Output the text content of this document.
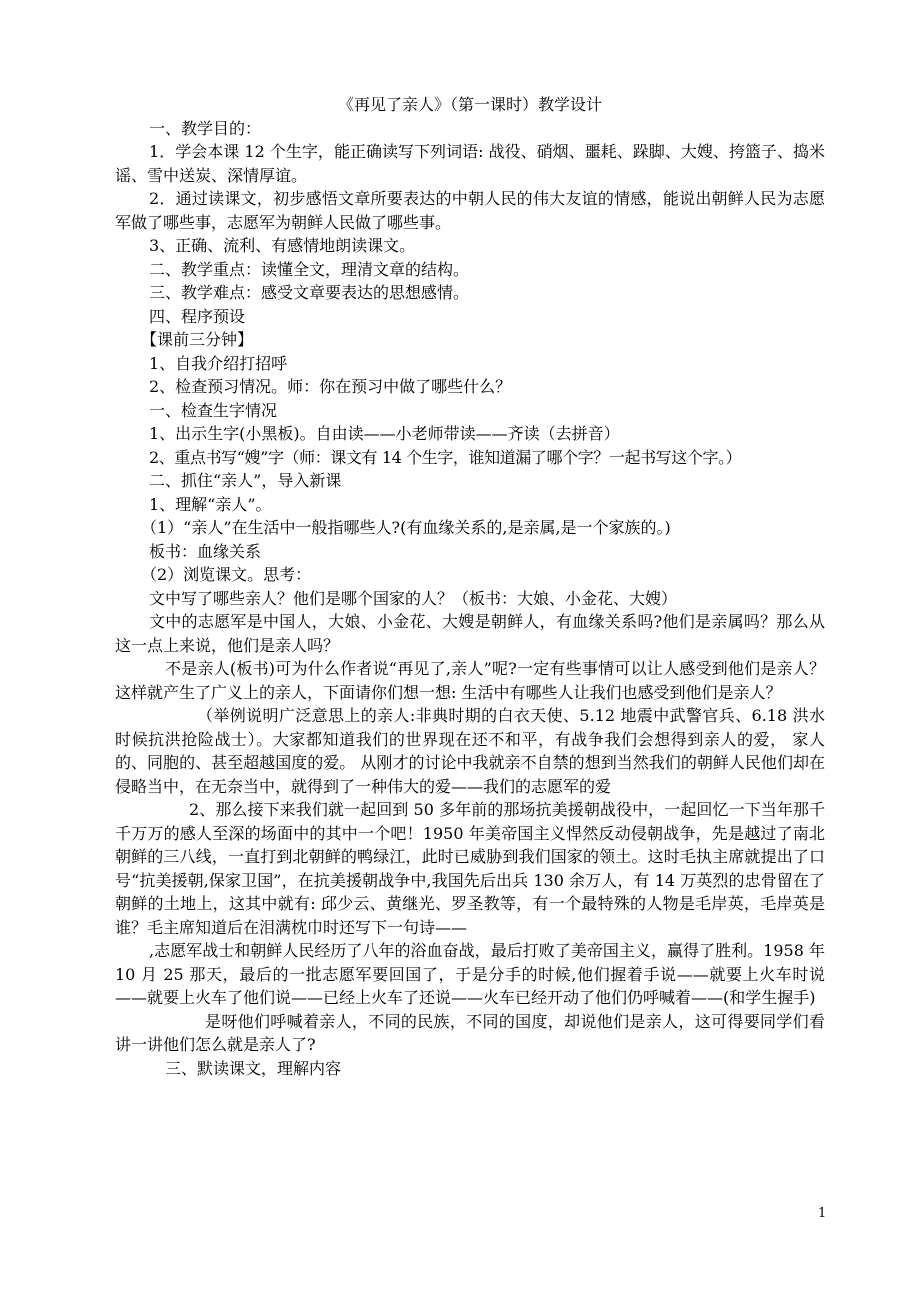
《再见了亲人》（第一课时）教学设计

一、教学目的：

1．学会本课 12 个生字，能正确读写下列词语: 战役、硝烟、噩耗、跺脚、大嫂、挎篮子、捣米谣、雪中送炭、深情厚谊。

2．通过读课文，初步感悟文章所要表达的中朝人民的伟大友谊的情感，能说出朝鲜人民为志愿军做了哪些事，志愿军为朝鲜人民做了哪些事。

3、正确、流利、有感情地朗读课文。

二、教学重点：读懂全文，理清文章的结构。

三、教学难点：感受文章要表达的思想感情。

四、程序预设

【课前三分钟】

1、自我介绍打招呼

2、检查预习情况。师：你在预习中做了哪些什么？

一、检查生字情况

1、出示生字(小黑板)。自由读——小老师带读——齐读（去拼音）

2、重点书写“嫂”字（师：课文有 14 个生字，谁知道漏了哪个字？一起书写这个字。）

二、抓住“亲人”，导入新课

1、理解“亲人”。

（1）“亲人”在生活中一般指哪些人?(有血缘关系的,是亲属,是一个家族的。)

板书：血缘关系

（2）浏览课文。思考：

文中写了哪些亲人？他们是哪个国家的人？（板书：大娘、小金花、大嫂）

文中的志愿军是中国人，大娘、小金花、大嫂是朝鲜人，有血缘关系吗?他们是亲属吗？那么从这一点上来说，他们是亲人吗？

不是亲人(板书)可为什么作者说“再见了,亲人”呢?一定有些事情可以让人感受到他们是亲人？这样就产生了广义上的亲人，下面请你们想一想: 生活中有哪些人让我们也感受到他们是亲人？

（举例说明广泛意思上的亲人:非典时期的白衣天使、5.12 地震中武警官兵、6.18 洪水时候抗洪抢险战士）。大家都知道我们的世界现在还不和平，有战争我们会想得到亲人的爱， 家人的、同胞的、甚至超越国度的爱。 从刚才的讨论中我就亲不自禁的想到当然我们的朝鲜人民他们却在侵略当中，在无奈当中，就得到了一种伟大的爱——我们的志愿军的爱

2、那么接下来我们就一起回到 50 多年前的那场抗美援朝战役中，一起回忆一下当年那千千万万的感人至深的场面中的其中一个吧！1950 年美帝国主义悍然反动侵朝战争，先是越过了南北朝鲜的三八线，一直打到北朝鲜的鸭绿江，此时已威胁到我们国家的领土。这时毛执主席就提出了口号“抗美援朝,保家卫国”，在抗美援朝战争中,我国先后出兵 130 余万人，有 14 万英烈的忠骨留在了朝鲜的土地上，这其中就有: 邱少云、黄继光、罗圣教等，有一个最特殊的人物是毛岸英，毛岸英是谁？毛主席知道后在泪满枕巾时还写下一句诗——

,志愿军战士和朝鲜人民经历了八年的浴血奋战，最后打败了美帝国主义，赢得了胜利。1958 年 10 月 25 那天，最后的一批志愿军要回国了，于是分手的时候,他们握着手说——就要上火车时说——就要上火车了他们说——已经上火车了还说——火车已经开动了他们仍呼喊着——(和学生握手)

是呀他们呼喊着亲人，不同的民族，不同的国度，却说他们是亲人，这可得要同学们看讲一讲他们怎么就是亲人了?

三、默读课文，理解内容

1
